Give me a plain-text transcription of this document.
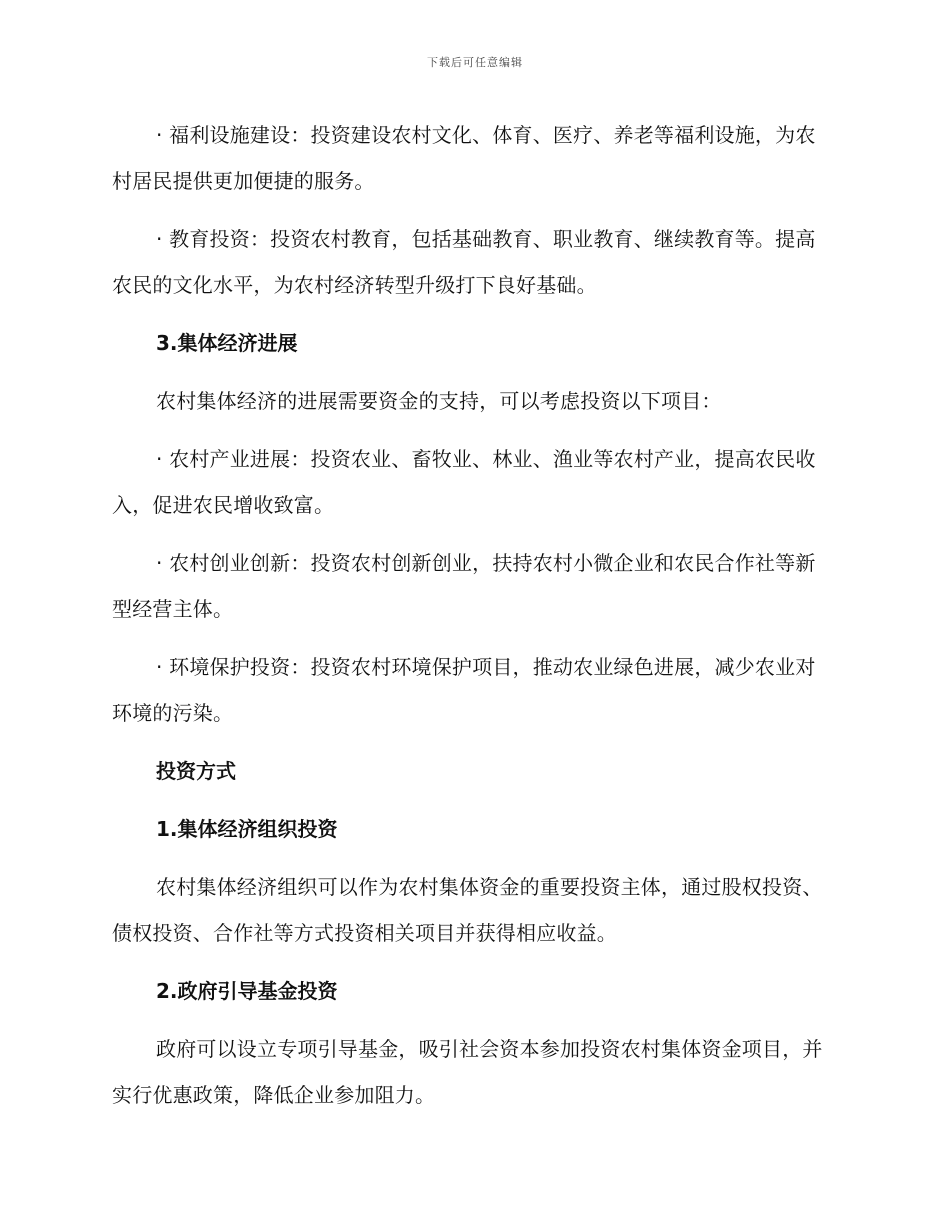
下载后可任意编辑

· 福利设施建设：投资建设农村文化、体育、医疗、养老等福利设施，为农村居民提供更加便捷的服务。

· 教育投资：投资农村教育，包括基础教育、职业教育、继续教育等。提高农民的文化水平，为农村经济转型升级打下良好基础。

3.集体经济进展

农村集体经济的进展需要资金的支持，可以考虑投资以下项目：

· 农村产业进展：投资农业、畜牧业、林业、渔业等农村产业，提高农民收入，促进农民增收致富。

· 农村创业创新：投资农村创新创业，扶持农村小微企业和农民合作社等新型经营主体。

· 环境保护投资：投资农村环境保护项目，推动农业绿色进展，减少农业对环境的污染。

投资方式

1.集体经济组织投资

农村集体经济组织可以作为农村集体资金的重要投资主体，通过股权投资、债权投资、合作社等方式投资相关项目并获得相应收益。

2.政府引导基金投资

政府可以设立专项引导基金，吸引社会资本参加投资农村集体资金项目，并实行优惠政策，降低企业参加阻力。
